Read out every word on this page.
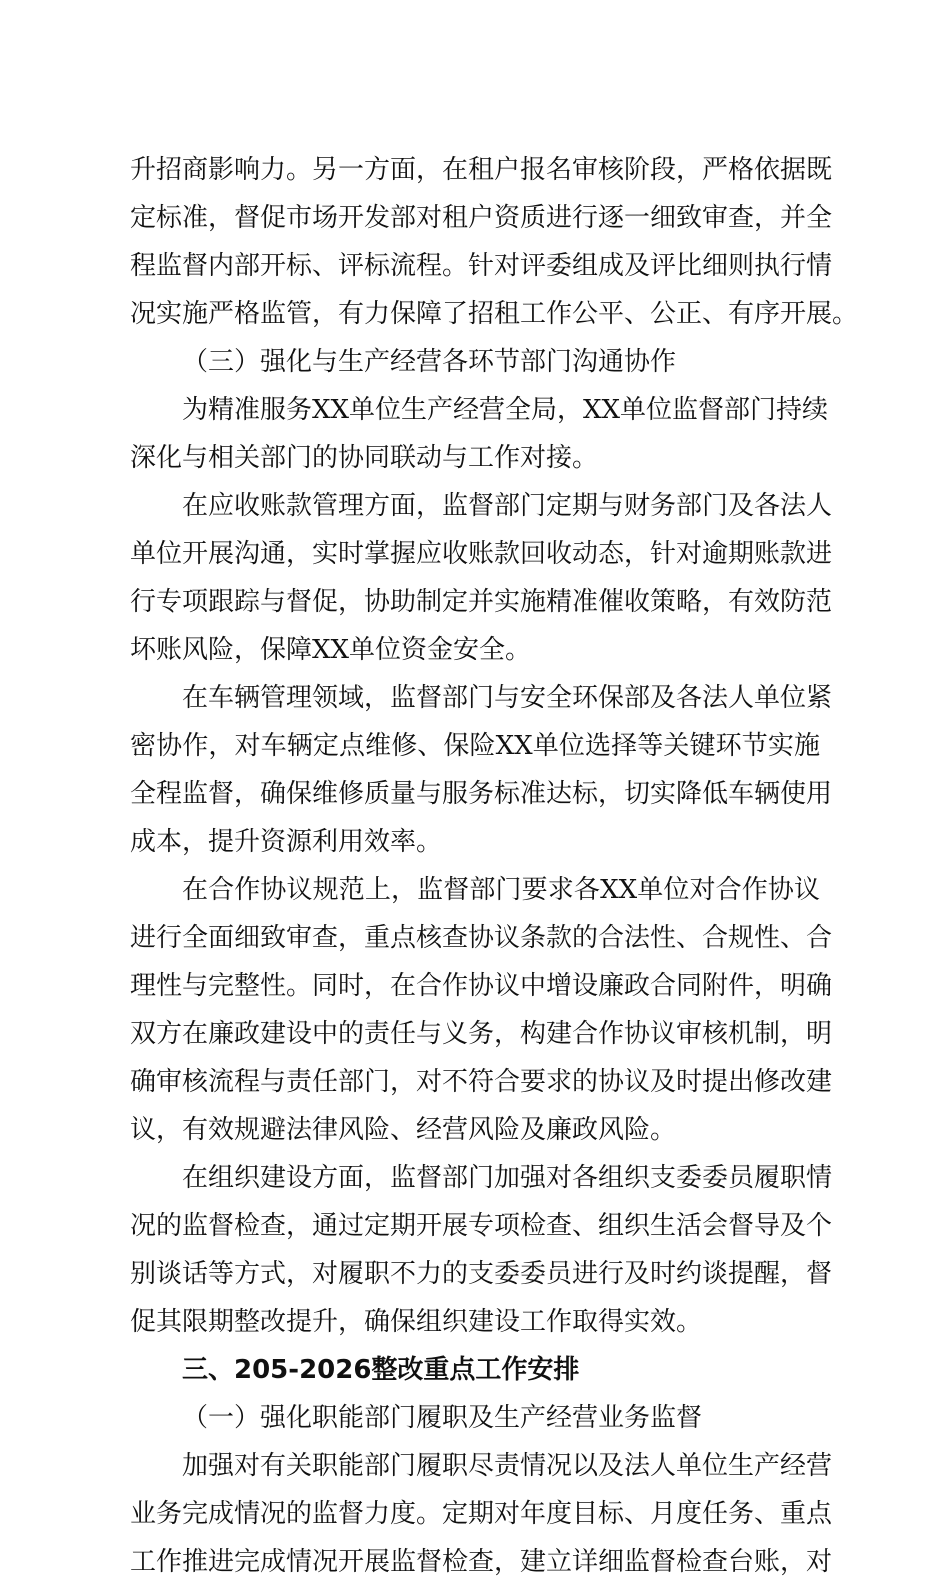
升招商影响力。另一方面，在租户报名审核阶段，严格依据既
定标准，督促市场开发部对租户资质进行逐一细致审查，并全
程监督内部开标、评标流程。针对评委组成及评比细则执行情
况实施严格监管，有力保障了招租工作公平、公正、有序开展。
（三）强化与生产经营各环节部门沟通协作
为精准服务XX单位生产经营全局，XX单位监督部门持续
深化与相关部门的协同联动与工作对接。
在应收账款管理方面，监督部门定期与财务部门及各法人
单位开展沟通，实时掌握应收账款回收动态，针对逾期账款进
行专项跟踪与督促，协助制定并实施精准催收策略，有效防范
坏账风险，保障XX单位资金安全。
在车辆管理领域，监督部门与安全环保部及各法人单位紧
密协作，对车辆定点维修、保险XX单位选择等关键环节实施
全程监督，确保维修质量与服务标准达标，切实降低车辆使用
成本，提升资源利用效率。
在合作协议规范上，监督部门要求各XX单位对合作协议
进行全面细致审查，重点核查协议条款的合法性、合规性、合
理性与完整性。同时，在合作协议中增设廉政合同附件，明确
双方在廉政建设中的责任与义务，构建合作协议审核机制，明
确审核流程与责任部门，对不符合要求的协议及时提出修改建
议，有效规避法律风险、经营风险及廉政风险。
在组织建设方面，监督部门加强对各组织支委委员履职情
况的监督检查，通过定期开展专项检查、组织生活会督导及个
别谈话等方式，对履职不力的支委委员进行及时约谈提醒，督
促其限期整改提升，确保组织建设工作取得实效。
三、205-2026整改重点工作安排
（一）强化职能部门履职及生产经营业务监督
加强对有关职能部门履职尽责情况以及法人单位生产经营
业务完成情况的监督力度。定期对年度目标、月度任务、重点
工作推进完成情况开展监督检查，建立详细监督检查台账，对
